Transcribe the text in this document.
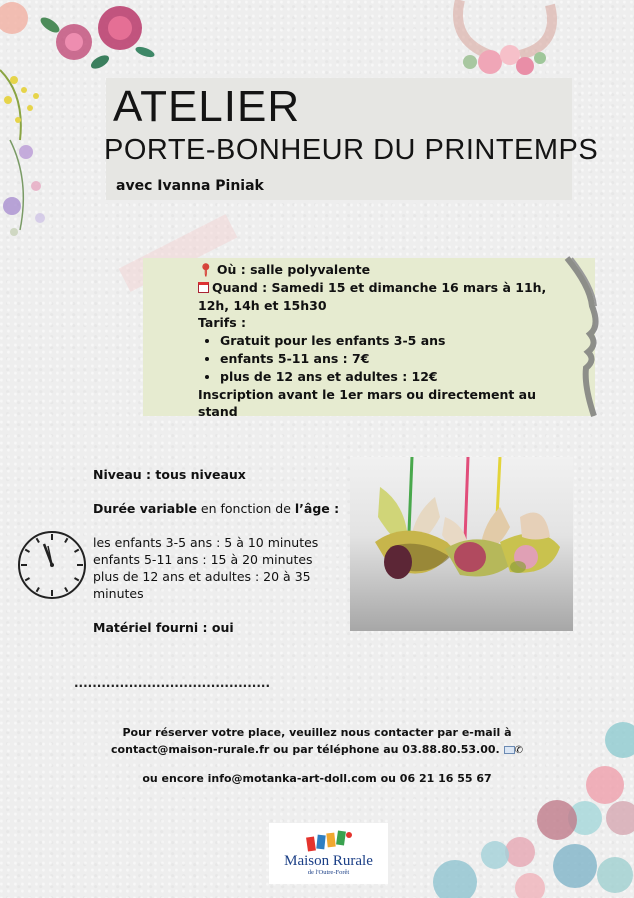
ATELIER
PORTE-BONHEUR DU PRINTEMPS
avec Ivanna Piniak
📍︎ Où : salle polyvalente
Quand : Samedi 15 et dimanche 16 mars à 11h, 12h, 14h et 15h30
Tarifs :
• Gratuit pour les enfants 3-5 ans
• enfants 5-11 ans : 7€
• plus de 12 ans et adultes : 12€
Inscription avant le 1er mars ou directement au stand

Niveau : tous niveaux

Durée variable en fonction de l’âge :

les enfants 3-5 ans : 5 à 10 minutes

enfants 5-11 ans : 15 à 20 minutes

plus de 12 ans et adultes : 20 à 35 minutes

Matériel fourni : oui

...........................................
Pour réserver votre place, veuillez nous contacter par e-mail à
contact@maison-rurale.fr ou par téléphone au 03.88.80.53.00. ✆
ou encore info@motanka-art-doll.com ou 06 21 16 55 67
Maison Rurale
de l'Outre-Forêt
